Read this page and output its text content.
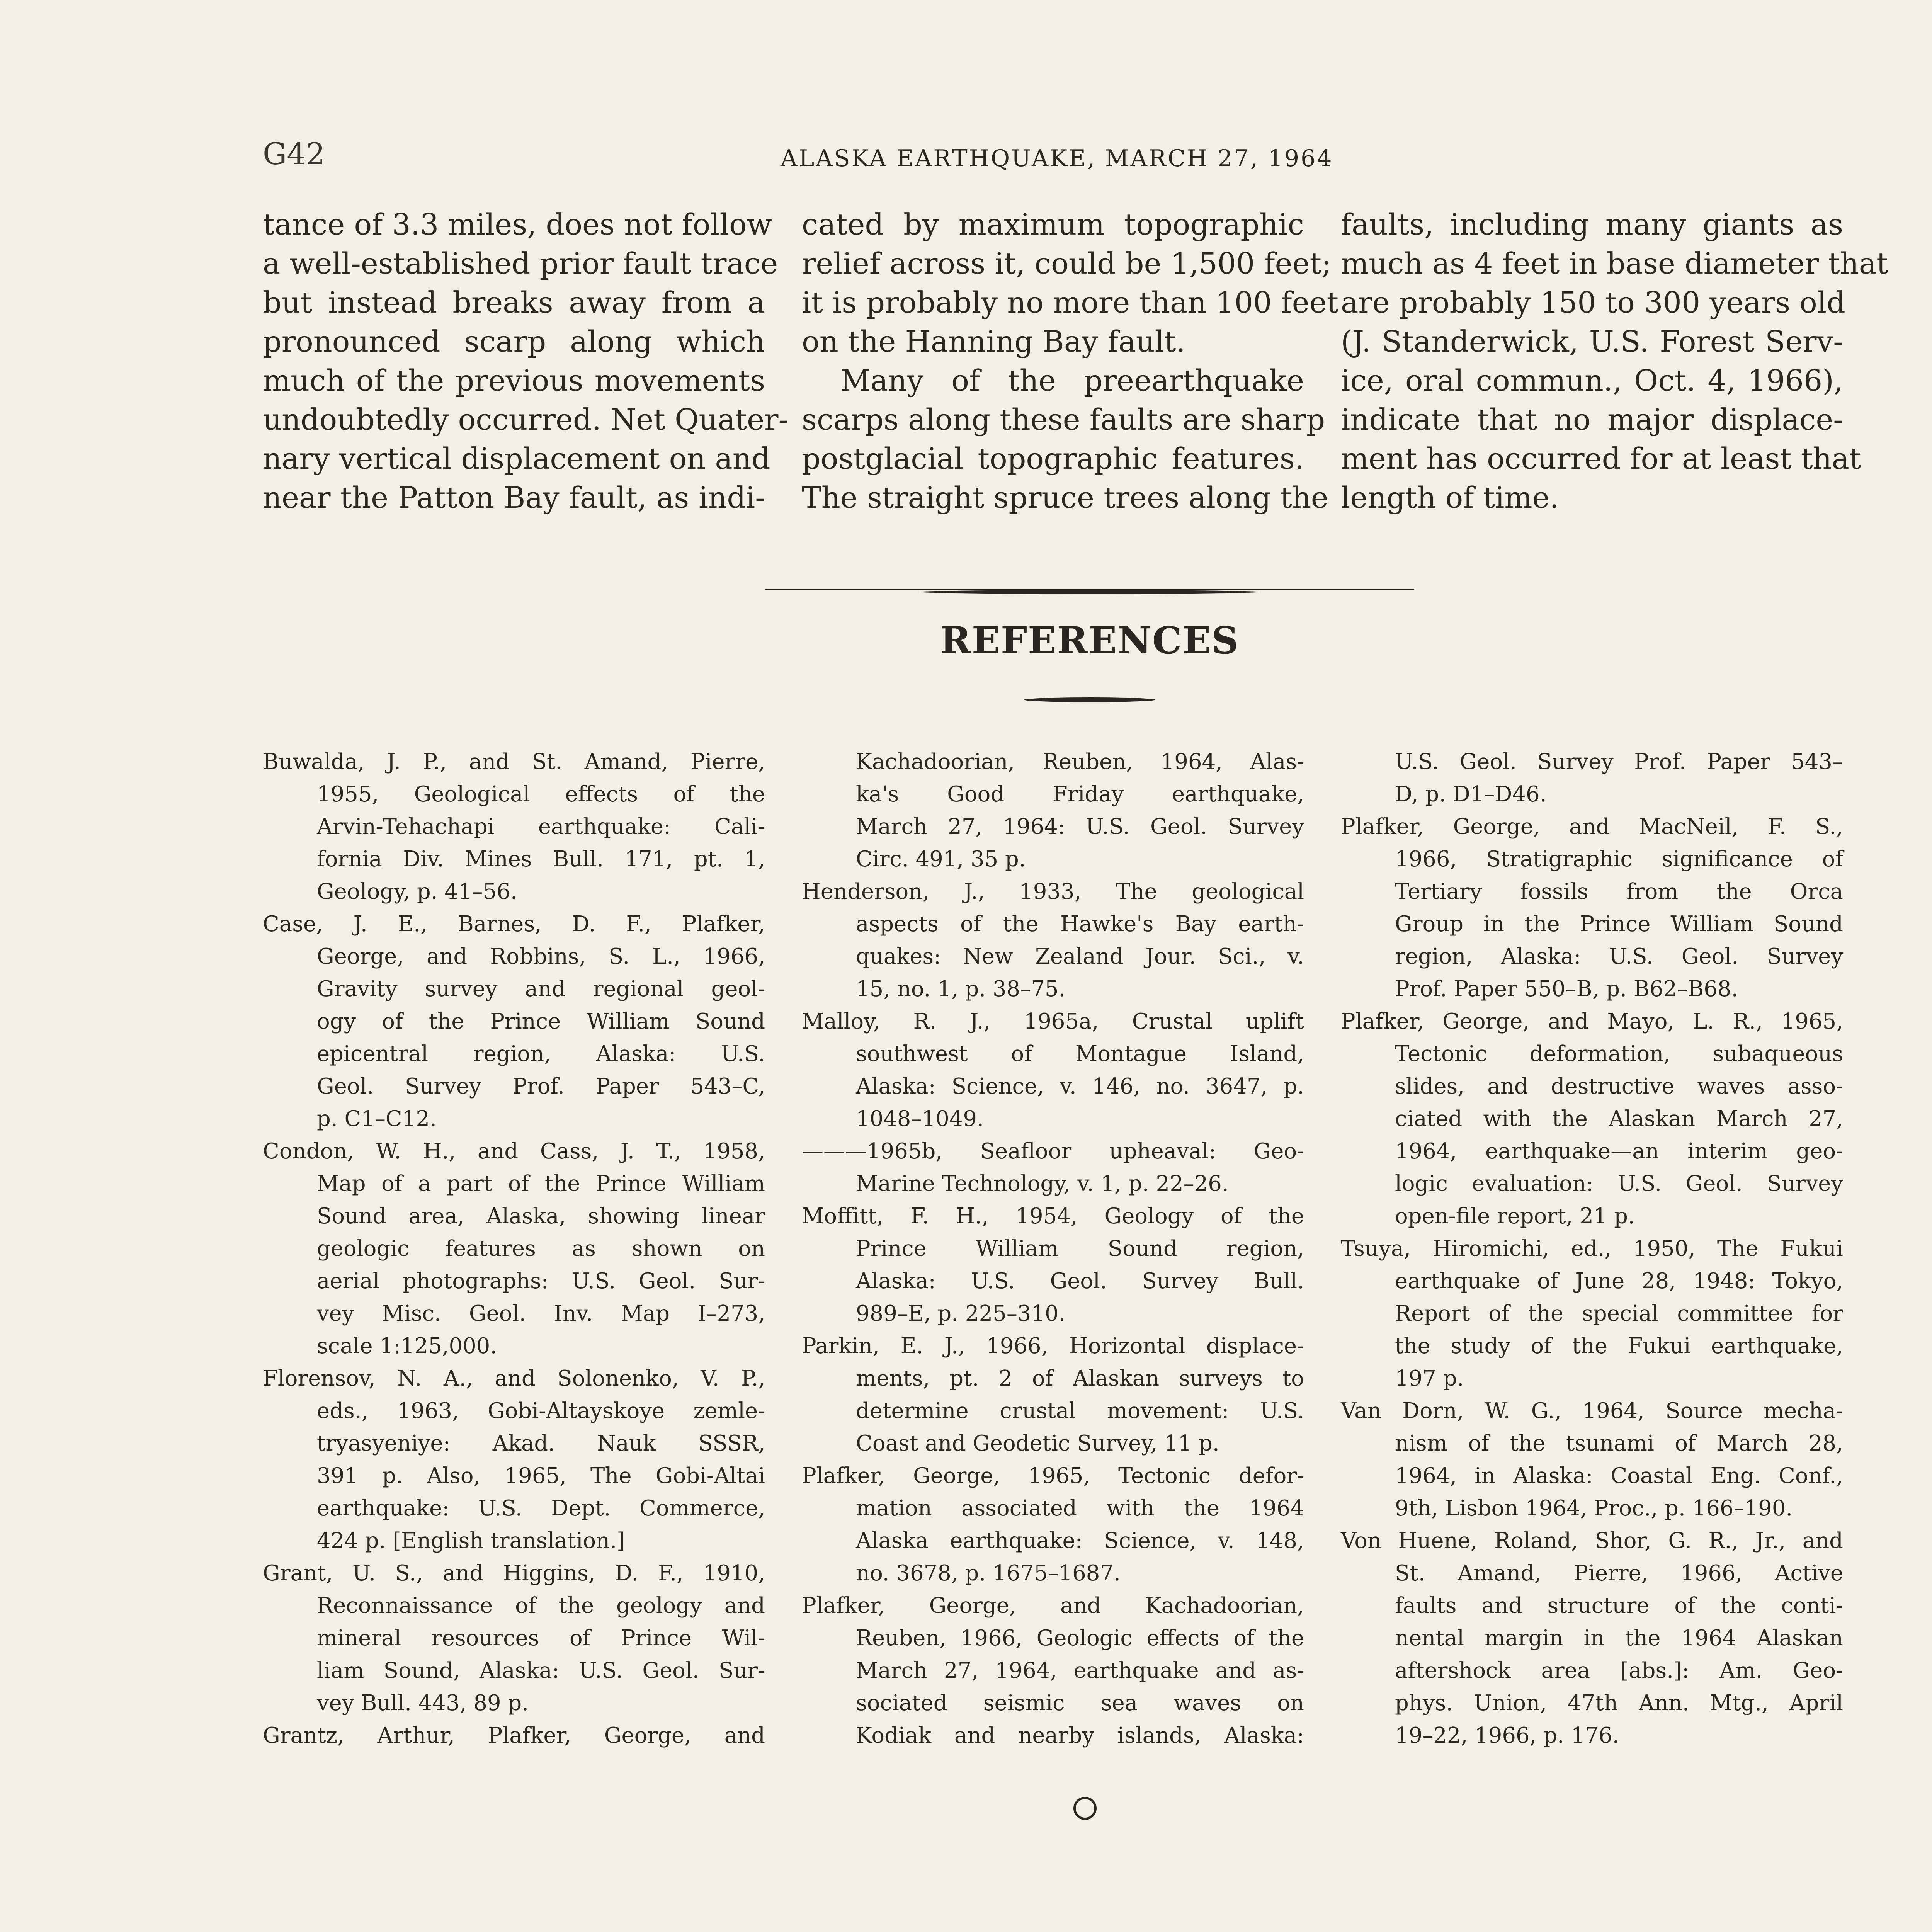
G42	ALASKA EARTHQUAKE, MARCH 27, 1964
tance of 3.3 miles, does not follow
a well-established prior fault trace
but instead breaks away from a
pronounced scarp along which
much of the previous movements
undoubtedly occurred. Net Quater-
nary vertical displacement on and
near the Patton Bay fault, as indi-
cated by maximum topographic
relief across it, could be 1,500 feet;
it is probably no more than 100 feet
on the Hanning Bay fault.
Many of the preearthquake
scarps along these faults are sharp
postglacial topographic features.
The straight spruce trees along the
faults, including many giants as
much as 4 feet in base diameter that
are probably 150 to 300 years old
(J. Standerwick, U.S. Forest Serv-
ice, oral commun., Oct. 4, 1966),
indicate that no major displace-
ment has occurred for at least that
length of time.
REFERENCES
Buwalda, J. P., and St. Amand, Pierre,
1955, Geological effects of the
Arvin-Tehachapi earthquake: Cali-
fornia Div. Mines Bull. 171, pt. 1,
Geology, p. 41–56.
Case, J. E., Barnes, D. F., Plafker,
George, and Robbins, S. L., 1966,
Gravity survey and regional geol-
ogy of the Prince William Sound
epicentral region, Alaska: U.S.
Geol. Survey Prof. Paper 543–C,
p. C1–C12.
Condon, W. H., and Cass, J. T., 1958,
Map of a part of the Prince William
Sound area, Alaska, showing linear
geologic features as shown on
aerial photographs: U.S. Geol. Sur-
vey Misc. Geol. Inv. Map I–273,
scale 1:125,000.
Florensov, N. A., and Solonenko, V. P.,
eds., 1963, Gobi-Altayskoye zemle-
tryasyeniye: Akad. Nauk SSSR,
391 p. Also, 1965, The Gobi-Altai
earthquake: U.S. Dept. Commerce,
424 p. [English translation.]
Grant, U. S., and Higgins, D. F., 1910,
Reconnaissance of the geology and
mineral resources of Prince Wil-
liam Sound, Alaska: U.S. Geol. Sur-
vey Bull. 443, 89 p.
Grantz, Arthur, Plafker, George, and
Kachadoorian, Reuben, 1964, Alas-
ka's Good Friday earthquake,
March 27, 1964: U.S. Geol. Survey
Circ. 491, 35 p.
Henderson, J., 1933, The geological
aspects of the Hawke's Bay earth-
quakes: New Zealand Jour. Sci., v.
15, no. 1, p. 38–75.
Malloy, R. J., 1965a, Crustal uplift
southwest of Montague Island,
Alaska: Science, v. 146, no. 3647, p.
1048–1049.
———1965b, Seafloor upheaval: Geo-
Marine Technology, v. 1, p. 22–26.
Moffitt, F. H., 1954, Geology of the
Prince William Sound region,
Alaska: U.S. Geol. Survey Bull.
989–E, p. 225–310.
Parkin, E. J., 1966, Horizontal displace-
ments, pt. 2 of Alaskan surveys to
determine crustal movement: U.S.
Coast and Geodetic Survey, 11 p.
Plafker, George, 1965, Tectonic defor-
mation associated with the 1964
Alaska earthquake: Science, v. 148,
no. 3678, p. 1675–1687.
Plafker, George, and Kachadoorian,
Reuben, 1966, Geologic effects of the
March 27, 1964, earthquake and as-
sociated seismic sea waves on
Kodiak and nearby islands, Alaska:
U.S. Geol. Survey Prof. Paper 543–
D, p. D1–D46.
Plafker, George, and MacNeil, F. S.,
1966, Stratigraphic significance of
Tertiary fossils from the Orca
Group in the Prince William Sound
region, Alaska: U.S. Geol. Survey
Prof. Paper 550–B, p. B62–B68.
Plafker, George, and Mayo, L. R., 1965,
Tectonic deformation, subaqueous
slides, and destructive waves asso-
ciated with the Alaskan March 27,
1964, earthquake—an interim geo-
logic evaluation: U.S. Geol. Survey
open-file report, 21 p.
Tsuya, Hiromichi, ed., 1950, The Fukui
earthquake of June 28, 1948: Tokyo,
Report of the special committee for
the study of the Fukui earthquake,
197 p.
Van Dorn, W. G., 1964, Source mecha-
nism of the tsunami of March 28,
1964, in Alaska: Coastal Eng. Conf.,
9th, Lisbon 1964, Proc., p. 166–190.
Von Huene, Roland, Shor, G. R., Jr., and
St. Amand, Pierre, 1966, Active
faults and structure of the conti-
nental margin in the 1964 Alaskan
aftershock area [abs.]: Am. Geo-
phys. Union, 47th Ann. Mtg., April
19–22, 1966, p. 176.
